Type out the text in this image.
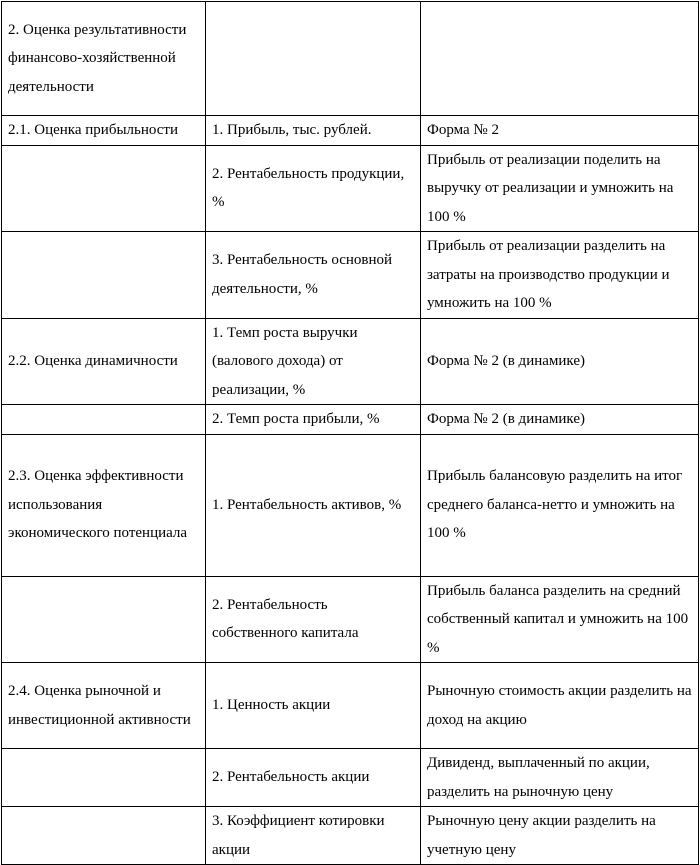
2. Оценка результативности финансово-хозяйственной деятельности		
2.1. Оценка прибыльности	1. Прибыль, тыс. рублей.	Форма № 2
	2. Рентабельность продукции, %	Прибыль от реализации поделить на выручку от реализации и умножить на 100 %
	3. Рентабельность основной деятельности, %	Прибыль от реализации разделить на затраты на производство продукции и умножить на 100 %
2.2. Оценка динамичности	1. Темп роста выручки (валового дохода) от реализации, %	Форма № 2 (в динамике)
	2. Темп роста прибыли, %	Форма № 2 (в динамике)
2.3. Оценка эффективности использования экономического потенциала	1. Рентабельность активов, %	Прибыль балансовую разделить на итог среднего баланса-нетто и умножить на 100 %
	2. Рентабельность собственного капитала	Прибыль баланса разделить на средний собственный капитал и умножить на 100 %
2.4. Оценка рыночной и инвестиционной активности	1. Ценность акции	Рыночную стоимость акции разделить на доход на акцию
	2. Рентабельность акции	Дивиденд, выплаченный по акции, разделить на рыночную цену
	3. Коэффициент котировки акции	Рыночную цену акции разделить на учетную цену
